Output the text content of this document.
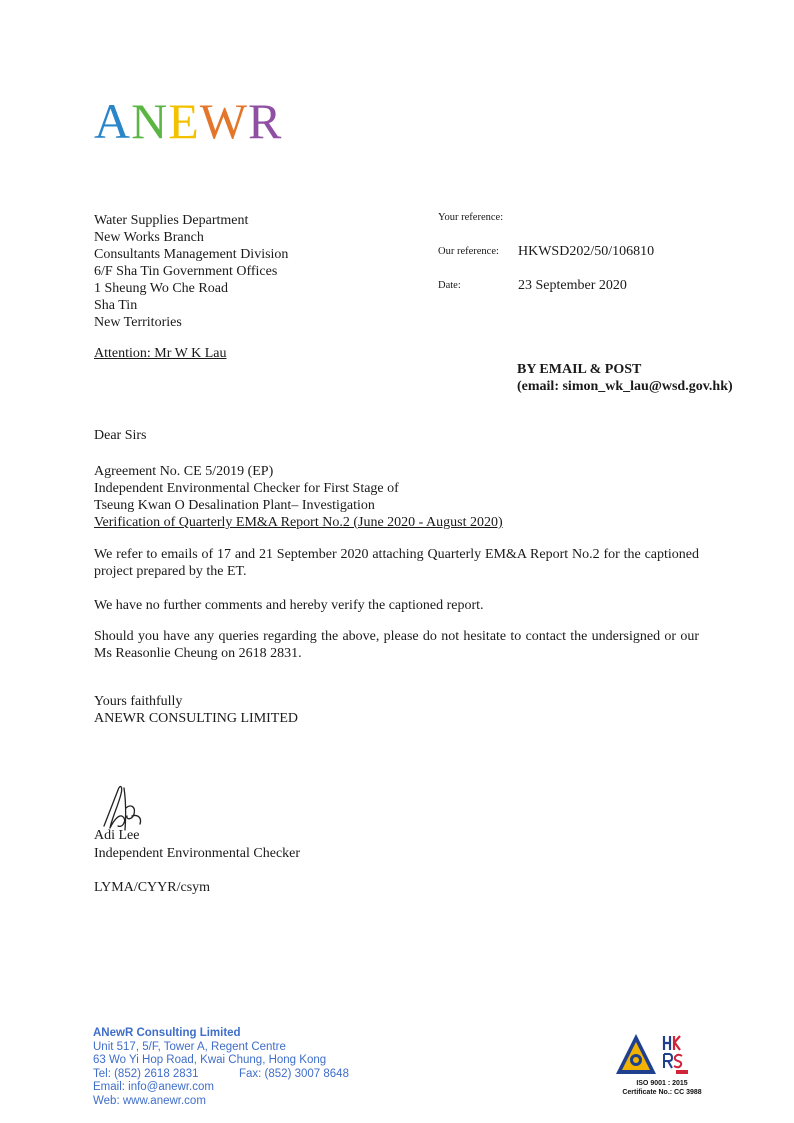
ANEWR
Water Supplies Department
New Works Branch
Consultants Management Division
6/F Sha Tin Government Offices
1 Sheung Wo Che Road
Sha Tin
New Territories
Attention: Mr W K Lau
Your reference:
Our reference: HKWSD202/50/106810
Date:	23 September 2020
BY EMAIL & POST
(email: simon_wk_lau@wsd.gov.hk)
Dear Sirs
Agreement No. CE 5/2019 (EP)
Independent Environmental Checker for First Stage of
Tseung Kwan O Desalination Plant– Investigation
Verification of Quarterly EM&A Report No.2 (June 2020 - August 2020)

We refer to emails of 17 and 21 September 2020 attaching Quarterly EM&A Report No.2 for the captioned project prepared by the ET.

We have no further comments and hereby verify the captioned report.

Should you have any queries regarding the above, please do not hesitate to contact the undersigned or our Ms Reasonlie Cheung on 2618 2831.

Yours faithfully
ANEWR CONSULTING LIMITED
Adi Lee
Independent Environmental Checker
LYMA/CYYR/csym
ANewR Consulting Limited
Unit 517, 5/F, Tower A, Regent Centre
63 Wo Yi Hop Road, Kwai Chung, Hong Kong
Tel: (852) 2618 2831	Fax: (852) 3007 8648
Email: info@anewr.com
Web: www.anewr.com
ISO 9001 : 2015
Certificate No.: CC 3988
